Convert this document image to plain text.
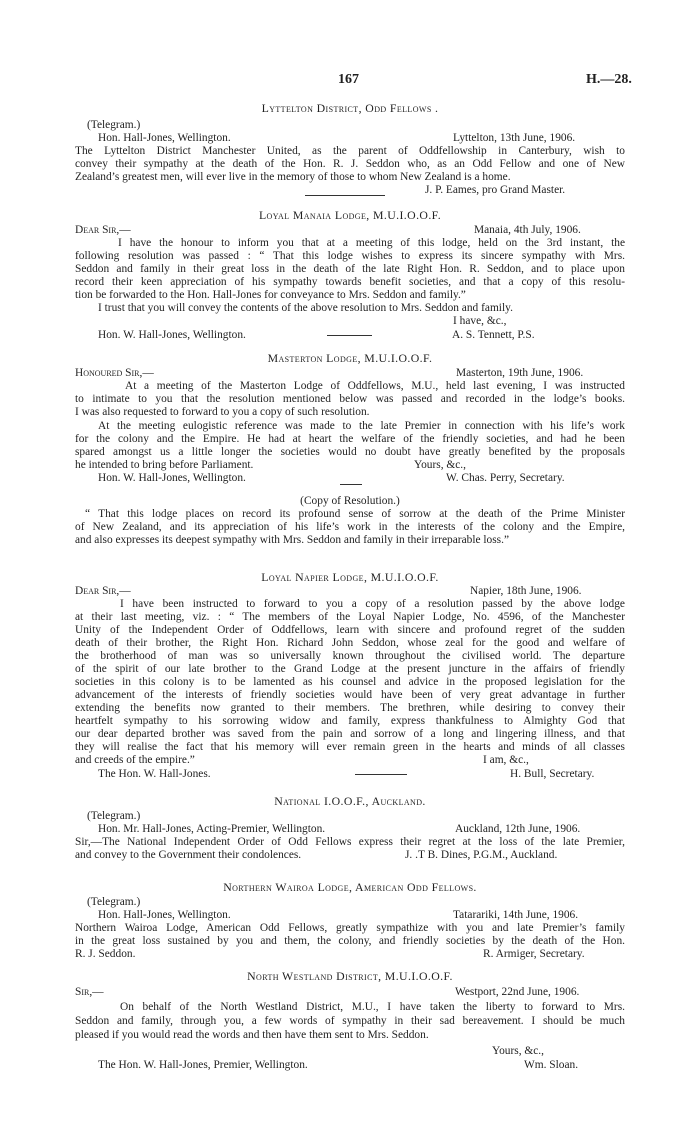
167	H.—28.
Lyttelton District, Odd Fellows .
(Telegram.)
Hon. Hall-Jones, Wellington.	Lyttelton, 13th June, 1906.
The Lyttelton District Manchester United, as the parent of Oddfellowship in Canterbury, wish to
convey their sympathy at the death of the Hon. R. J. Seddon who, as an Odd Fellow and one of New
Zealand’s greatest men, will ever live in the memory of those to whom New Zealand is a home.
J. P. Eames, pro Grand Master.
Loyal Manaia Lodge, M.U.I.O.O.F.
Dear Sir,—	Manaia, 4th July, 1906.
I have the honour to inform you that at a meeting of this lodge, held on the 3rd instant, the
following resolution was passed : “ That this lodge wishes to express its sincere sympathy with Mrs.
Seddon and family in their great loss in the death of the late Right Hon. R. Seddon, and to place upon
record their keen appreciation of his sympathy towards benefit societies, and that a copy of this resolu-
tion be forwarded to the Hon. Hall-Jones for conveyance to Mrs. Seddon and family.”
I trust that you will convey the contents of the above resolution to Mrs. Seddon and family.
I have, &c.,
Hon. W. Hall-Jones, Wellington.	A. S. Tennett, P.S.
Masterton Lodge, M.U.I.O.O.F.
Honoured Sir,—	Masterton, 19th June, 1906.
At a meeting of the Masterton Lodge of Oddfellows, M.U., held last evening, I was instructed
to intimate to you that the resolution mentioned below was passed and recorded in the lodge’s books.
I was also requested to forward to you a copy of such resolution.
At the meeting eulogistic reference was made to the late Premier in connection with his life’s work
for the colony and the Empire. He had at heart the welfare of the friendly societies, and had he been
spared amongst us a little longer the societies would no doubt have greatly benefited by the proposals
he intended to bring before Parliament.	Yours, &c.,
Hon. W. Hall-Jones, Wellington.	W. Chas. Perry, Secretary.
(Copy of Resolution.)
“ That this lodge places on record its profound sense of sorrow at the death of the Prime Minister
of New Zealand, and its appreciation of his life’s work in the interests of the colony and the Empire,
and also expresses its deepest sympathy with Mrs. Seddon and family in their irreparable loss.”
Loyal Napier Lodge, M.U.I.O.O.F.
Dear Sir,—	Napier, 18th June, 1906.
I have been instructed to forward to you a copy of a resolution passed by the above lodge
at their last meeting, viz. : “ The members of the Loyal Napier Lodge, No. 4596, of the Manchester
Unity of the Independent Order of Oddfellows, learn with sincere and profound regret of the sudden
death of their brother, the Right Hon. Richard John Seddon, whose zeal for the good and welfare of
the brotherhood of man was so universally known throughout the civilised world. The departure
of the spirit of our late brother to the Grand Lodge at the present juncture in the affairs of friendly
societies in this colony is to be lamented as his counsel and advice in the proposed legislation for the
advancement of the interests of friendly societies would have been of very great advantage in further
extending the benefits now granted to their members. The brethren, while desiring to convey their
heartfelt sympathy to his sorrowing widow and family, express thankfulness to Almighty God that
our dear departed brother was saved from the pain and sorrow of a long and lingering illness, and that
they will realise the fact that his memory will ever remain green in the hearts and minds of all classes
and creeds of the empire.”	I am, &c.,
The Hon. W. Hall-Jones.	H. Bull, Secretary.
National I.O.O.F., Auckland.
(Telegram.)
Hon. Mr. Hall-Jones, Acting-Premier, Wellington.	Auckland, 12th June, 1906.
Sir,—The National Independent Order of Odd Fellows express their regret at the loss of the late Premier,
and convey to the Government their condolences.	J. .T B. Dines, P.G.M., Auckland.
Northern Wairoa Lodge, American Odd Fellows.
(Telegram.)
Hon. Hall-Jones, Wellington.	Tatarariki, 14th June, 1906.
Northern Wairoa Lodge, American Odd Fellows, greatly sympathize with you and late Premier’s family
in the great loss sustained by you and them, the colony, and friendly societies by the death of the Hon.
R. J. Seddon.	R. Armiger, Secretary.
North Westland District, M.U.I.O.O.F.
Sir,—	Westport, 22nd June, 1906.
On behalf of the North Westland District, M.U., I have taken the liberty to forward to Mrs.
Seddon and family, through you, a few words of sympathy in their sad bereavement. I should be much
pleased if you would read the words and then have them sent to Mrs. Seddon.
Yours, &c.,
The Hon. W. Hall-Jones, Premier, Wellington.	Wm. Sloan.
